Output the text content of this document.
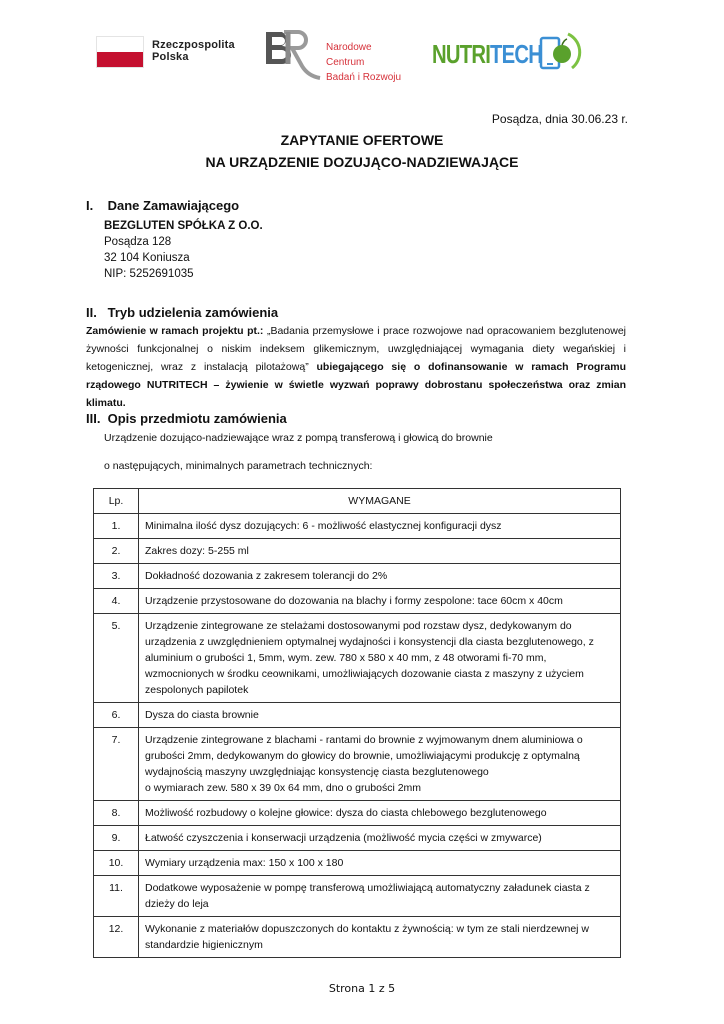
Rzeczpospolita
Polska
Narodowe Centrum
Badań i Rozwoju
NUTRITECH
Posądza, dnia 30.06.23 r.
ZAPYTANIE OFERTOWE
NA URZĄDZENIE DOZUJĄCO-NADZIEWAJĄCE
I. Dane Zamawiającego
BEZGLUTEN SPÓŁKA Z O.O.
Posądza 128
32 104 Koniusza
NIP: 5252691035
II. Tryb udzielenia zamówienia
Zamówienie w ramach projektu pt.: „Badania przemysłowe i prace rozwojowe nad opracowaniem bezglutenowej żywności funkcjonalnej o niskim indeksem glikemicznym, uwzględniającej wymagania diety wegańskiej i ketogenicznej, wraz z instalacją pilotażową” ubiegającego się o dofinansowanie w ramach Programu rządowego NUTRITECH – żywienie w świetle wyzwań poprawy dobrostanu społeczeństwa oraz zmian klimatu.
III. Opis przedmiotu zamówienia
Urządzenie dozująco-nadziewające wraz z pompą transferową i głowicą do brownie
o następujących, minimalnych parametrach technicznych:
Lp.	WYMAGANE
1.	Minimalna ilość dysz dozujących: 6 - możliwość elastycznej konfiguracji dysz

2.	Zakres dozy: 5-255 ml

3.	Dokładność dozowania z zakresem tolerancji do 2%

4.	Urządzenie przystosowane do dozowania na blachy i formy zespolone: tace 60cm x 40cm

5.	Urządzenie zintegrowane ze stelażami dostosowanymi pod rozstaw dysz, dedykowanym do urządzenia z uwzględnieniem optymalnej wydajności i konsystencji dla ciasta bezglutenowego, z aluminium o grubości 1, 5mm, wym. zew. 780 x 580 x 40 mm, z 48 otworami fi-70 mm, wzmocnionych w środku ceownikami, umożliwiających dozowanie ciasta z maszyny z użyciem zespolonych papilotek

6.	Dysza do ciasta brownie

7.	Urządzenie zintegrowane z blachami - rantami do brownie z wyjmowanym dnem aluminiowa o grubości 2mm, dedykowanym do głowicy do brownie, umożliwiającymi produkcję z optymalną wydajnością maszyny uwzględniając konsystencję ciasta bezglutenowego
o wymiarach zew. 580 x 39 0x 64 mm, dno o grubości 2mm

8.	Możliwość rozbudowy o kolejne głowice: dysza do ciasta chlebowego bezglutenowego

9.	Łatwość czyszczenia i konserwacji urządzenia (możliwość mycia części w zmywarce)

10.	Wymiary urządzenia max: 150 x 100 x 180

11.	Dodatkowe wyposażenie w pompę transferową umożliwiającą automatyczny załadunek ciasta z dzieży do leja

12.	Wykonanie z materiałów dopuszczonych do kontaktu z żywnością: w tym ze stali nierdzewnej w standardzie higienicznym
Strona 1 z 5
